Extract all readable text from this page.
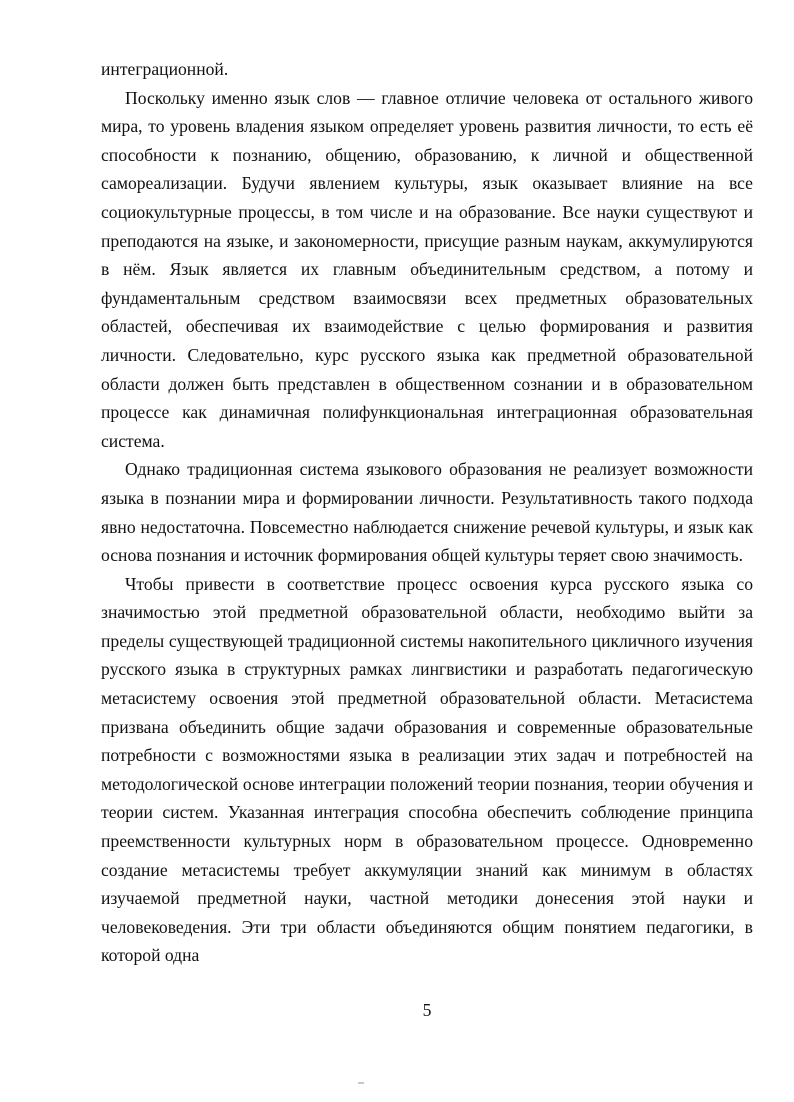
интеграционной.

Поскольку именно язык слов — главное отличие человека от остального живого мира, то уровень владения языком определяет уровень развития личности, то есть её способности к познанию, общению, образованию, к личной и общественной самореализации. Будучи явлением культуры, язык оказывает влияние на все социокультурные процессы, в том числе и на образование. Все науки существуют и преподаются на языке, и закономерности, присущие разным наукам, аккумулируются в нём. Язык является их главным объединительным средством, а потому и фундаментальным средством взаимосвязи всех предметных образовательных областей, обеспечивая их взаимодействие с целью формирования и развития личности. Следовательно, курс русского языка как предметной образовательной области должен быть представлен в общественном сознании и в образовательном процессе как динамичная полифункциональная интеграционная образовательная система.

Однако традиционная система языкового образования не реализует возможности языка в познании мира и формировании личности. Результативность такого подхода явно недостаточна. Повсеместно наблюдается снижение речевой культуры, и язык как основа познания и источник формирования общей культуры теряет свою значимость.

Чтобы привести в соответствие процесс освоения курса русского языка со значимостью этой предметной образовательной области, необходимо выйти за пределы существующей традиционной системы накопительного цикличного изучения русского языка в структурных рамках лингвистики и разработать педагогическую метасистему освоения этой предметной образовательной области. Метасистема призвана объединить общие задачи образования и современные образовательные потребности с возможностями языка в реализации этих задач и потребностей на методологической основе интеграции положений теории познания, теории обучения и теории систем. Указанная интеграция способна обеспечить соблюдение принципа преемственности культурных норм в образовательном процессе. Одновременно создание метасистемы требует аккумуляции знаний как минимум в областях изучаемой предметной науки, частной методики донесения этой науки и человековедения. Эти три области объединяются общим понятием педагогики, в которой одна

5
